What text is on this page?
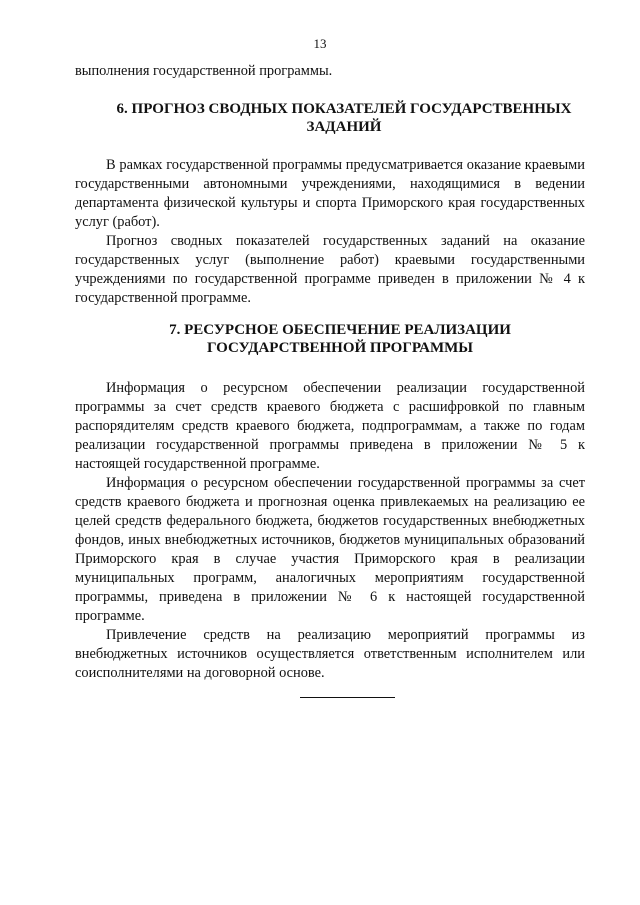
13

выполнения государственной программы.

6. ПРОГНОЗ СВОДНЫХ ПОКАЗАТЕЛЕЙ ГОСУДАРСТВЕННЫХ
ЗАДАНИЙ

В рамках государственной программы предусматривается оказание краевыми государственными автономными учреждениями, находящимися в ведении департамента физической культуры и спорта Приморского края государственных услуг (работ).

Прогноз сводных показателей государственных заданий на оказание государственных услуг (выполнение работ) краевыми государственными учреждениями по государственной программе приведен в приложении № 4 к государственной программе.

7. РЕСУРСНОЕ ОБЕСПЕЧЕНИЕ РЕАЛИЗАЦИИ
ГОСУДАРСТВЕННОЙ ПРОГРАММЫ

Информация о ресурсном обеспечении реализации государственной программы за счет средств краевого бюджета с расшифровкой по главным распорядителям средств краевого бюджета, подпрограммам, а также по годам реализации государственной программы приведена в приложении № 5 к настоящей государственной программе.

Информация о ресурсном обеспечении государственной программы за счет средств краевого бюджета и прогнозная оценка привлекаемых на реализацию ее целей средств федерального бюджета, бюджетов государственных внебюджетных фондов, иных внебюджетных источников, бюджетов муниципальных образований Приморского края в случае участия Приморского края в реализации муниципальных программ, аналогичных мероприятиям государственной программы, приведена в приложении № 6 к настоящей государственной программе.

Привлечение средств на реализацию мероприятий программы из внебюджетных источников осуществляется ответственным исполнителем или соисполнителями на договорной основе.
